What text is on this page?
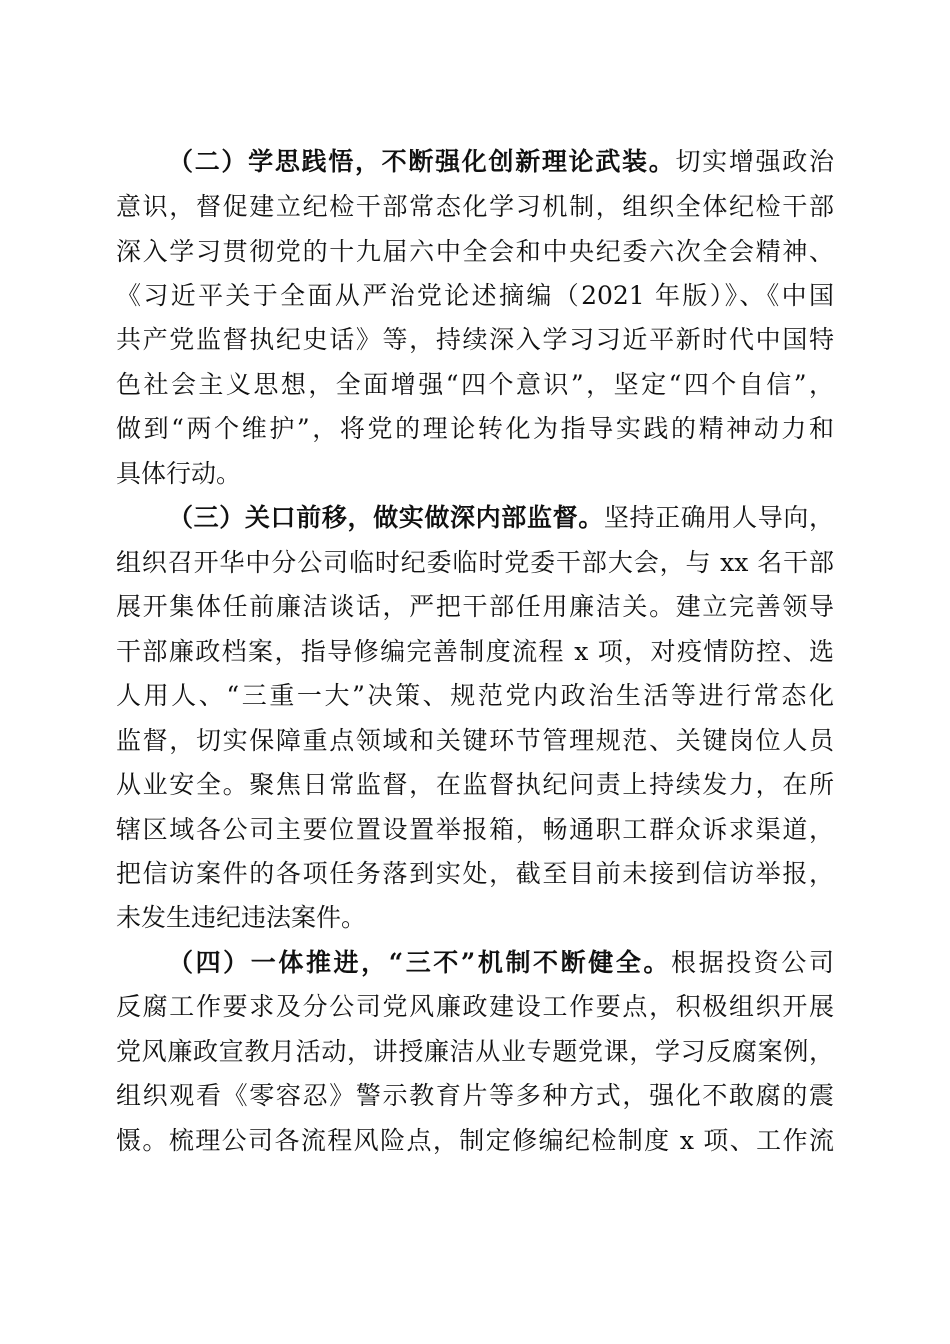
（二）学思践悟，不断强化创新理论武装。切实增强政治
意识，督促建立纪检干部常态化学习机制，组织全体纪检干部
深入学习贯彻党的十九届六中全会和中央纪委六次全会精神、
《习近平关于全面从严治党论述摘编（2021 年版）》、《中国
共产党监督执纪史话》等，持续深入学习习近平新时代中国特
色社会主义思想，全面增强“四个意识”，坚定“四个自信”，
做到“两个维护”，将党的理论转化为指导实践的精神动力和
具体行动。
（三）关口前移，做实做深内部监督。坚持正确用人导向，
组织召开华中分公司临时纪委临时党委干部大会，与 xx 名干部
展开集体任前廉洁谈话，严把干部任用廉洁关。建立完善领导
干部廉政档案，指导修编完善制度流程 x 项，对疫情防控、选
人用人、“三重一大”决策、规范党内政治生活等进行常态化
监督，切实保障重点领域和关键环节管理规范、关键岗位人员
从业安全。聚焦日常监督，在监督执纪问责上持续发力，在所
辖区域各公司主要位置设置举报箱，畅通职工群众诉求渠道，
把信访案件的各项任务落到实处，截至目前未接到信访举报，
未发生违纪违法案件。
（四）一体推进，“三不”机制不断健全。根据投资公司
反腐工作要求及分公司党风廉政建设工作要点，积极组织开展
党风廉政宣教月活动，讲授廉洁从业专题党课，学习反腐案例，
组织观看《零容忍》警示教育片等多种方式，强化不敢腐的震
慑。梳理公司各流程风险点，制定修编纪检制度 x 项、工作流
